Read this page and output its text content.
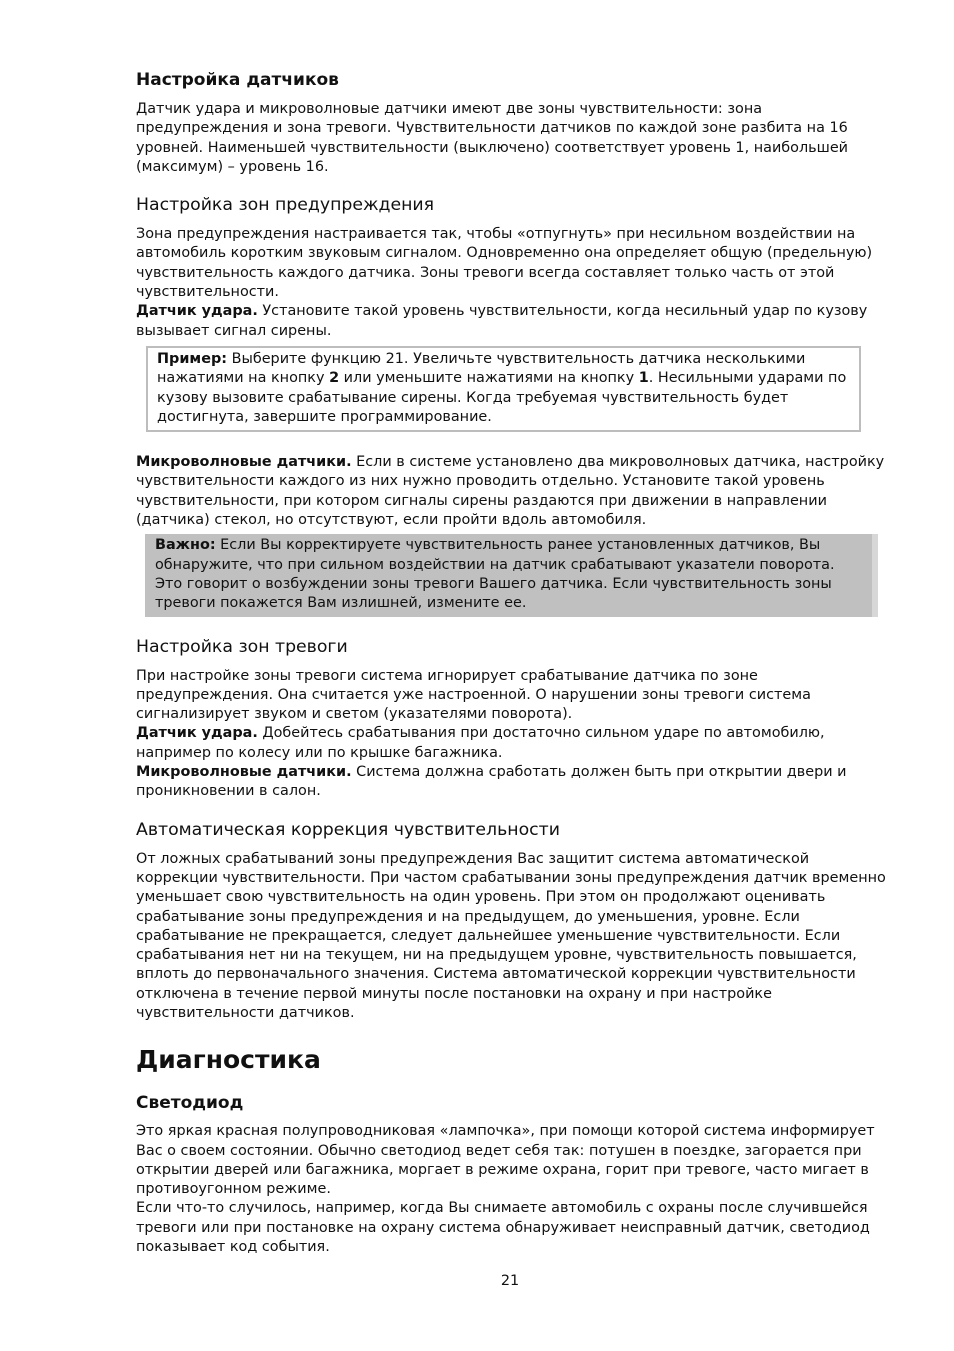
Настройка датчиков

Датчик удара и микроволновые датчики имеют две зоны чувствительности: зона предупреждения и зона тревоги. Чувствительности датчиков по каждой зоне разбита на 16 уровней. Наименьшей чувствительности (выключено) соответствует уровень 1, наибольшей (максимум) – уровень 16.

Настройка зон предупреждения

Зона предупреждения настраивается так, чтобы «отпугнуть» при несильном воздействии на автомобиль коротким звуковым сигналом. Одновременно она определяет общую (предельную) чувствительность каждого датчика. Зоны тревоги всегда составляет только часть от этой чувствительности.

Датчик удара. Установите такой уровень чувствительности, когда несильный удар по кузову вызывает сигнал сирены.

Пример: Выберите функцию 21. Увеличьте чувствительность датчика несколькими нажатиями на кнопку 2 или уменьшите нажатиями на кнопку 1. Несильными ударами по кузову вызовите срабатывание сирены. Когда требуемая чувствительность будет достигнута, завершите программирование.

Микроволновые датчики. Если в системе установлено два микроволновых датчика, настройку чувствительности каждого из них нужно проводить отдельно. Установите такой уровень чувствительности, при котором сигналы сирены раздаются при движении в направлении (датчика) стекол, но отсутствуют, если пройти вдоль автомобиля.

Важно: Если Вы корректируете чувствительность ранее установленных датчиков, Вы обнаружите, что при сильном воздействии на датчик срабатывают указатели поворота. Это говорит о возбуждении зоны тревоги Вашего датчика. Если чувствительность зоны тревоги покажется Вам излишней, измените ее.

Настройка зон тревоги

При настройке зоны тревоги система игнорирует срабатывание датчика по зоне предупреждения. Она считается уже настроенной. О нарушении зоны тревоги система сигнализирует звуком и светом (указателями поворота).

Датчик удара. Добейтесь срабатывания при достаточно сильном ударе по автомобилю, например по колесу или по крышке багажника.

Микроволновые датчики. Система должна сработать должен быть при открытии двери и проникновении в салон.

Автоматическая коррекция чувствительности

От ложных срабатываний зоны предупреждения Вас защитит система автоматической коррекции чувствительности. При частом срабатывании зоны предупреждения датчик временно уменьшает свою чувствительность на один уровень. При этом он продолжают оценивать срабатывание зоны предупреждения и на предыдущем, до уменьшения, уровне. Если срабатывание не прекращается, следует дальнейшее уменьшение чувствительности. Если срабатывания нет ни на текущем, ни на предыдущем уровне, чувствительность повышается, вплоть до первоначального значения. Система автоматической коррекции чувствительности отключена в течение первой минуты после постановки на охрану и при настройке чувствительности датчиков.

Диагностика
Светодиод

Это яркая красная полупроводниковая «лампочка», при помощи которой система информирует Вас о своем состоянии. Обычно светодиод ведет себя так: потушен в поездке, загорается при открытии дверей или багажника, моргает в режиме охрана, горит при тревоге, часто мигает в противоугонном режиме.

Если что-то случилось, например, когда Вы снимаете автомобиль с охраны после случившейся тревоги или при постановке на охрану система обнаруживает неисправный датчик, светодиод показывает код события.

21
